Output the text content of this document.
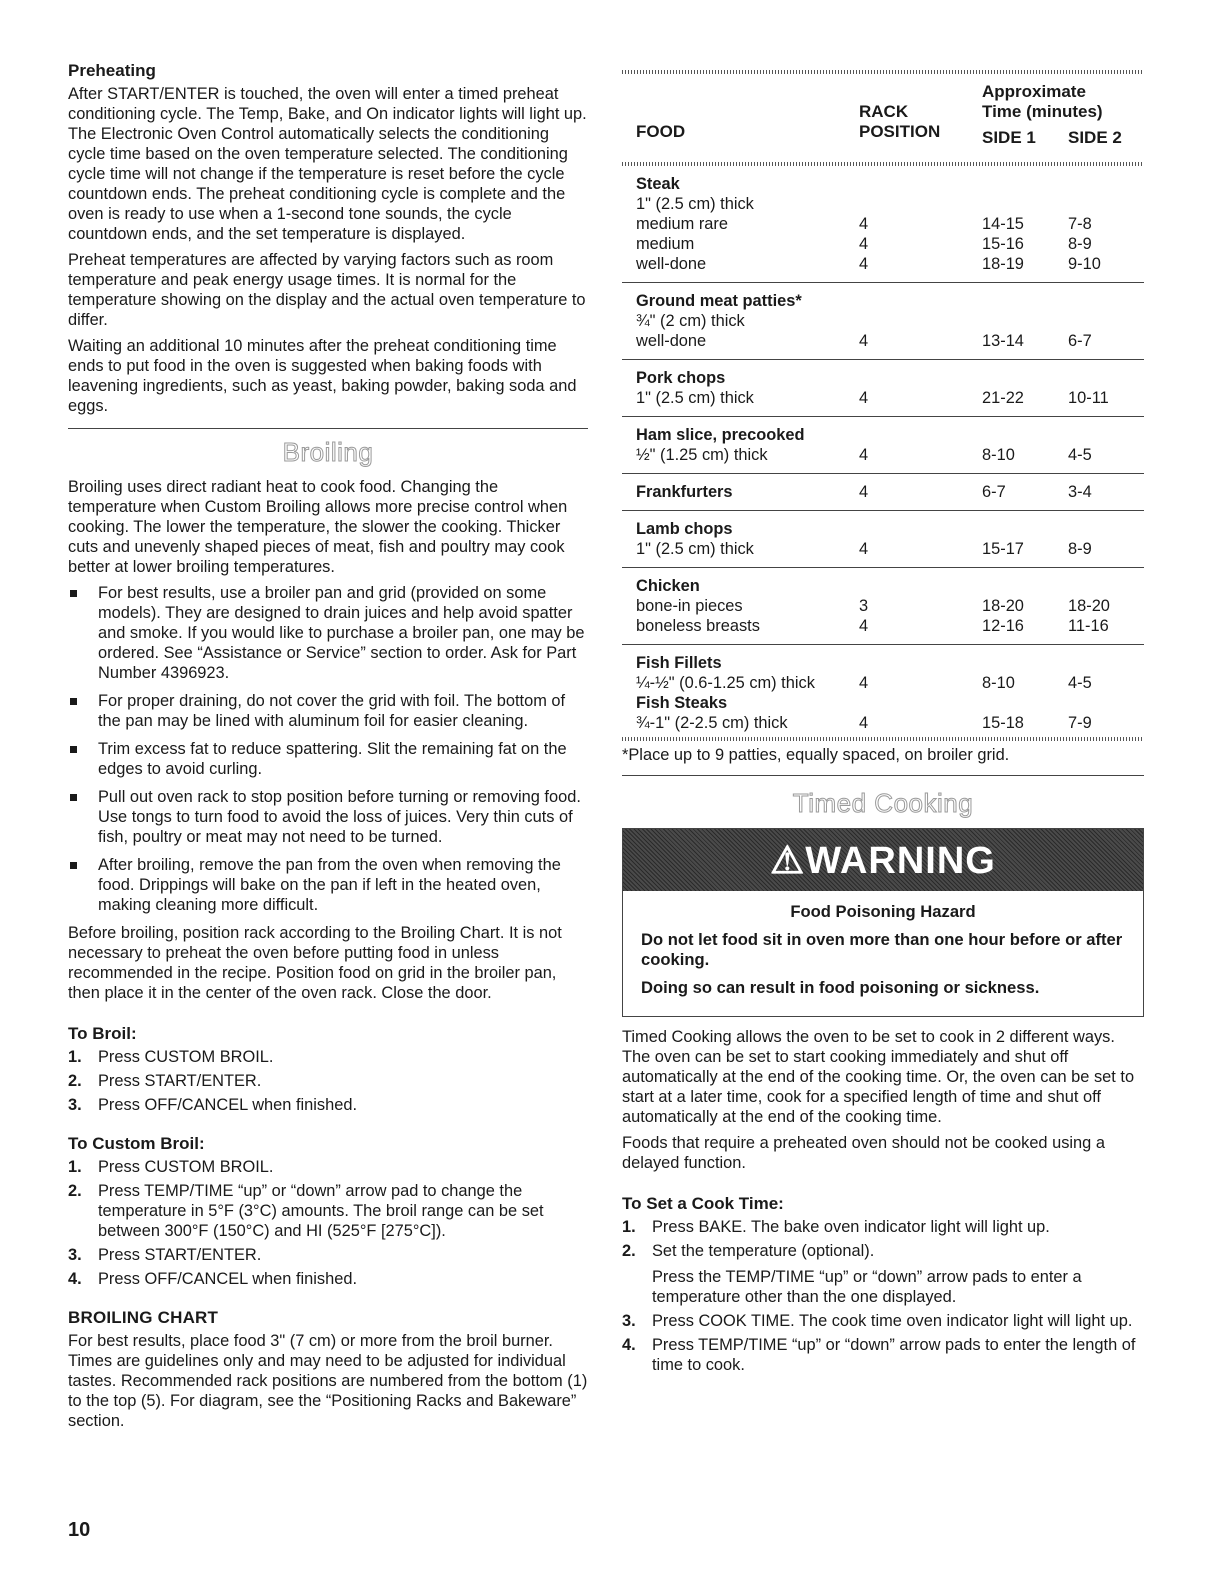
Preheating

After START/ENTER is touched, the oven will enter a timed preheat conditioning cycle. The Temp, Bake, and On indicator lights will light up. The Electronic Oven Control automatically selects the conditioning cycle time based on the oven temperature selected. The conditioning cycle time will not change if the temperature is reset before the cycle countdown ends. The preheat conditioning cycle is complete and the oven is ready to use when a 1-second tone sounds, the cycle countdown ends, and the set temperature is displayed.

Preheat temperatures are affected by varying factors such as room temperature and peak energy usage times. It is normal for the temperature showing on the display and the actual oven temperature to differ.

Waiting an additional 10 minutes after the preheat conditioning time ends to put food in the oven is suggested when baking foods with leavening ingredients, such as yeast, baking powder, baking soda and eggs.

Broiling

Broiling uses direct radiant heat to cook food. Changing the temperature when Custom Broiling allows more precise control when cooking. The lower the temperature, the slower the cooking. Thicker cuts and unevenly shaped pieces of meat, fish and poultry may cook better at lower broiling temperatures.

For best results, use a broiler pan and grid (provided on some models). They are designed to drain juices and help avoid spatter and smoke. If you would like to purchase a broiler pan, one may be ordered. See “Assistance or Service” section to order. Ask for Part Number 4396923.
For proper draining, do not cover the grid with foil. The bottom of the pan may be lined with aluminum foil for easier cleaning.
Trim excess fat to reduce spattering. Slit the remaining fat on the edges to avoid curling.
Pull out oven rack to stop position before turning or removing food. Use tongs to turn food to avoid the loss of juices. Very thin cuts of fish, poultry or meat may not need to be turned.
After broiling, remove the pan from the oven when removing the food. Drippings will bake on the pan if left in the heated oven, making cleaning more difficult.

Before broiling, position rack according to the Broiling Chart. It is not necessary to preheat the oven before putting food in unless recommended in the recipe. Position food on grid in the broiler pan, then place it in the center of the oven rack. Close the door.

To Broil:
1. Press CUSTOM BROIL.
2. Press START/ENTER.
3. Press OFF/CANCEL when finished.
To Custom Broil:
1. Press CUSTOM BROIL.
2. Press TEMP/TIME “up” or “down” arrow pad to change the temperature in 5°F (3°C) amounts. The broil range can be set between 300°F (150°C) and HI (525°F [275°C]).
3. Press START/ENTER.
4. Press OFF/CANCEL when finished.
BROILING CHART

For best results, place food 3" (7 cm) or more from the broil burner. Times are guidelines only and may need to be adjusted for individual tastes. Recommended rack positions are numbered from the bottom (1) to the top (5). For diagram, see the “Positioning Racks and Bakeware” section.

10
FOOD
RACK
POSITION
Approximate
Time (minutes)
SIDE 1 SIDE 2
Steak
1" (2.5 cm) thick
medium rare	4	14-15	7-8
medium	4	15-16	8-9
well-done	4	18-19	9-10
Ground meat patties*
¾" (2 cm) thick
well-done	4	13-14	6-7
Pork chops
1" (2.5 cm) thick	4	21-22	10-11
Ham slice, precooked
½" (1.25 cm) thick	4	8-10	4-5
Frankfurters	4	6-7	3-4
Lamb chops
1" (2.5 cm) thick	4	15-17	8-9
Chicken
bone-in pieces	3	18-20	18-20
boneless breasts	4	12-16	11-16
Fish Fillets
¼-½" (0.6-1.25 cm) thick	4	8-10	4-5
Fish Steaks
¾-1" (2-2.5 cm) thick	4	15-18	7-9
*Place up to 9 patties, equally spaced, on broiler grid.
Timed Cooking
⚠WARNING
Food Poisoning Hazard

Do not let food sit in oven more than one hour before or after cooking.

Doing so can result in food poisoning or sickness.

Timed Cooking allows the oven to be set to cook in 2 different ways. The oven can be set to start cooking immediately and shut off automatically at the end of the cooking time. Or, the oven can be set to start at a later time, cook for a specified length of time and shut off automatically at the end of the cooking time.

Foods that require a preheated oven should not be cooked using a delayed function.

To Set a Cook Time:
1. Press BAKE. The bake oven indicator light will light up.
2. Set the temperature (optional).
Press the TEMP/TIME “up” or “down” arrow pads to enter a temperature other than the one displayed.
3. Press COOK TIME. The cook time oven indicator light will light up.
4. Press TEMP/TIME “up” or “down” arrow pads to enter the length of time to cook.
